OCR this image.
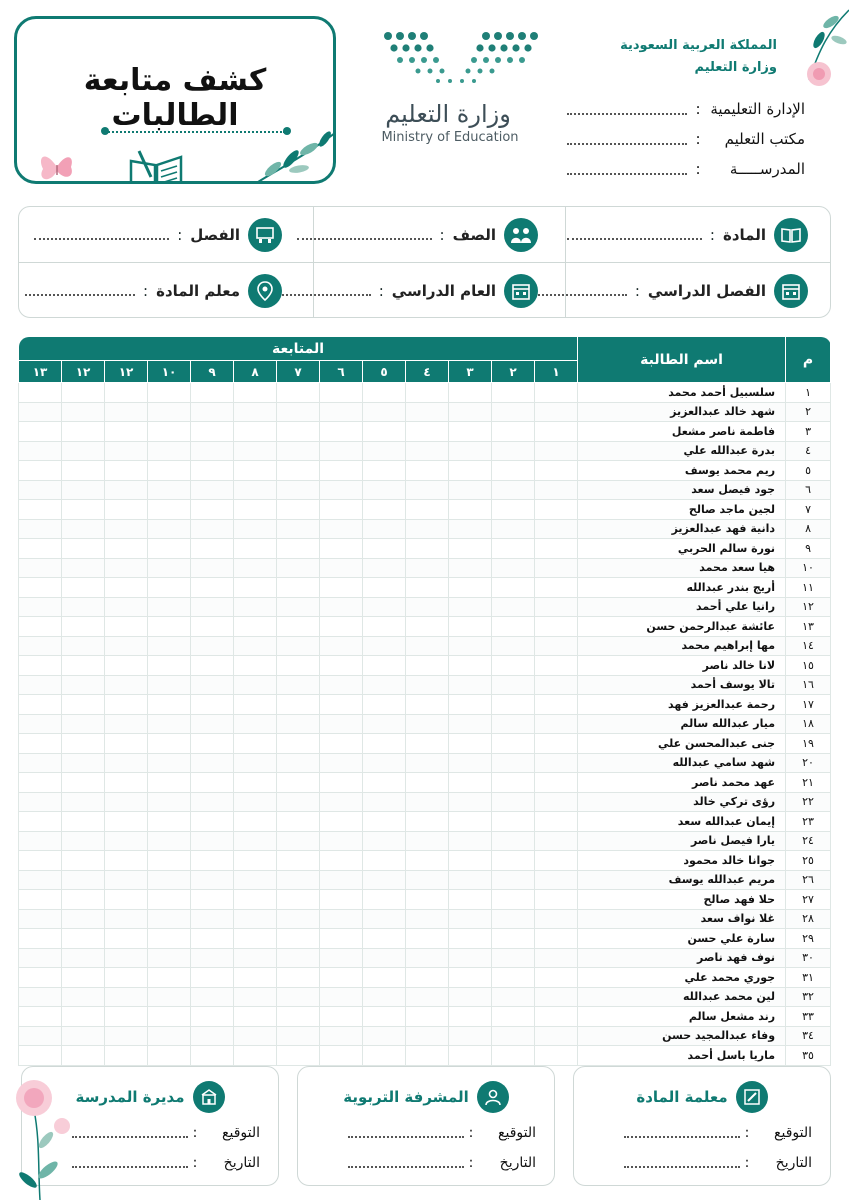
كشف متابعة الطالبات	وزارة التعليم
Ministry of Education
المملكة العربية السعودية
وزارة التعليم
الإدارة التعليمية
:
مكتب التعليم
:
المدرســـــة
:
المادة
:
الصف
:
الفصل
:
الفصل الدراسي
:
العام الدراسي
:
معلم المادة
:
م	اسم الطالبة	المتابعة												
		١	٢	٣	٤	٥	٦	٧	٨	٩	١٠	١٢	١٢	١٣
١	سلسبيل أحمد محمد													
٢	شهد خالد عبدالعزيز													
٣	فاطمة ناصر مشعل													
٤	بدرة عبدالله علي													
٥	ريم محمد يوسف													
٦	جود فيصل سعد													
٧	لجين ماجد صالح													
٨	دانية فهد عبدالعزيز													
٩	نورة سالم الحربي													
١٠	هيا سعد محمد													
١١	أريج بندر عبدالله													
١٢	رانيا علي أحمد													
١٣	عائشة عبدالرحمن حسن													
١٤	مها إبراهيم محمد													
١٥	لانا خالد ناصر													
١٦	تالا يوسف أحمد													
١٧	رحمة عبدالعزيز فهد													
١٨	ميار عبدالله سالم													
١٩	جنى عبدالمحسن علي													
٢٠	شهد سامي عبدالله													
٢١	عهد محمد ناصر													
٢٢	رؤى تركي خالد													
٢٣	إيمان عبدالله سعد													
٢٤	يارا فيصل ناصر													
٢٥	جوانا خالد محمود													
٢٦	مريم عبدالله يوسف													
٢٧	حلا فهد صالح													
٢٨	غلا نواف سعد													
٢٩	سارة علي حسن													
٣٠	نوف فهد ناصر													
٣١	جوري محمد علي													
٣٢	لين محمد عبدالله													
٣٣	رند مشعل سالم													
٣٤	وفاء عبدالمجيد حسن													
٣٥	ماريا باسل أحمد													
معلمة المادة
التوقيع
:
التاريخ
:
المشرفة التربوية
التوقيع
:
التاريخ
:
مديرة المدرسة
التوقيع
:
التاريخ
:
